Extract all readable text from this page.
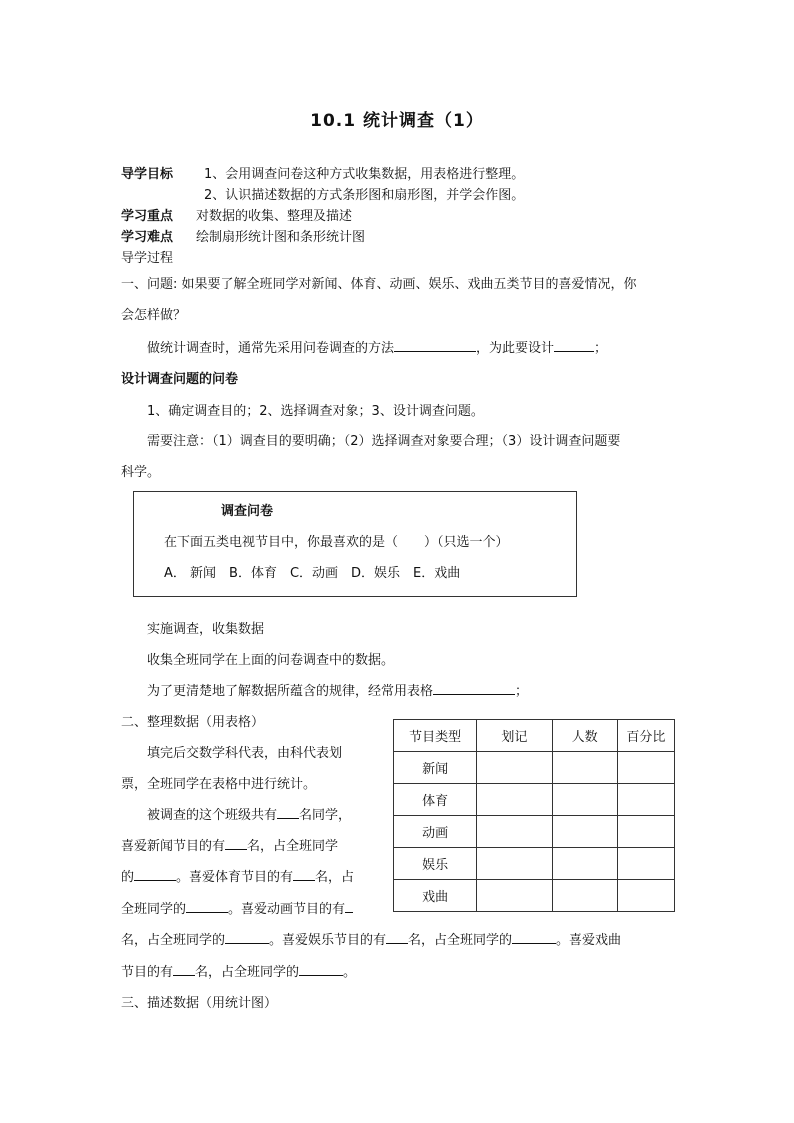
10.1 统计调查（1）
导学目标 1、会用调查问卷这种方式收集数据，用表格进行整理。
2、认识描述数据的方式条形图和扇形图，并学会作图。
学习重点 对数据的收集、整理及描述
学习难点 绘制扇形统计图和条形统计图
导学过程
一、问题: 如果要了解全班同学对新闻、体育、动画、娱乐、戏曲五类节目的喜爱情况，你
会怎样做？
做统计调查时，通常先采用问卷调查的方法	，为此要设计	；
设计调查问题的问卷
1、确定调查目的；2、选择调查对象；3、设计调查问题。
需要注意：（1）调查目的要明确；（2）选择调查对象要合理；（3）设计调查问题要
科学。
调查问卷
在下面五类电视节目中，你最喜欢的是（　　）（只选一个）
A． 新闻　B．体育　C．动画　D．娱乐　E．戏曲
实施调查，收集数据
收集全班同学在上面的问卷调查中的数据。
为了更清楚地了解数据所蕴含的规律，经常用表格	；
二、整理数据（用表格）
填完后交数学科代表，由科代表划
票，全班同学在表格中进行统计。
被调查的这个班级共有 名同学，
喜爱新闻节目的有 名，占全班同学
的	。喜爱体育节目的有 名，占
全班同学的	。喜爱动画节目的有
名，占全班同学的	。喜爱娱乐节目的有 名，占全班同学的	。喜爱戏曲
节目的有 名，占全班同学的	。
节目类型	划记	人数	百分比
新闻			
体育			
动画			
娱乐			
戏曲			
三、描述数据（用统计图）
